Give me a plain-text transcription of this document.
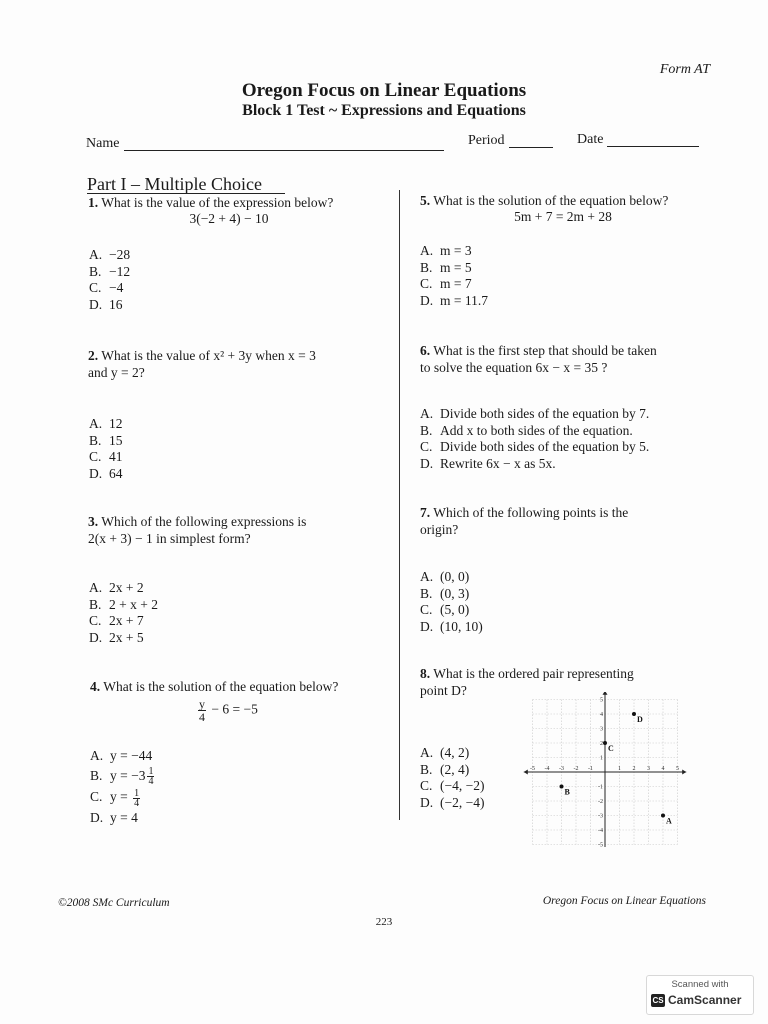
Form AT
Oregon Focus on Linear Equations
Block 1 Test ~ Expressions and Equations
Name	Period	Date
Part I – Multiple Choice
1. What is the value of the expression below?
3(−2 + 4) − 10
A. −28
B. −12
C. −4
D. 16
2. What is the value of x² + 3y when x = 3
and y = 2?
A. 12
B. 15
C. 41
D. 64
3. Which of the following expressions is
2(x + 3) − 1 in simplest form?
A. 2x + 2
B. 2 + x + 2
C. 2x + 7
D. 2x + 5
4. What is the solution of the equation below?
$\frac{y}{4} - 6 = -5$
A. y = −44
B. $y = -3 \frac{1}{4}$
C. $y = \frac{1}{4}$
D. y = 4
5. What is the solution of the equation below?
5m + 7 = 2m + 28
A. m = 3
B. m = 5
C. m = 7
D. m = 11.7
6. What is the first step that should be taken
to solve the equation 6x − x = 35 ?
A. Divide both sides of the equation by 7.
B. Add x to both sides of the equation.
C. Divide both sides of the equation by 5.
D. Rewrite 6x − x as 5x.
7. Which of the following points is the
origin?
A. (0, 0)
B. (0, 3)
C. (5, 0)
D. (10, 10)
8. What is the ordered pair representing
point D?
A. (4, 2)
B. (2, 4)
C. (−4, −2)
D. (−2, −4)
-5 -4 -3 -2 -1	1 2 3 4 5
5
4
3
2
1
-1
-2
-3
-4
-5
D
C
B
A
©2008 SMc Curriculum	Oregon Focus on Linear Equations
223
Scanned with
CS CamScanner
